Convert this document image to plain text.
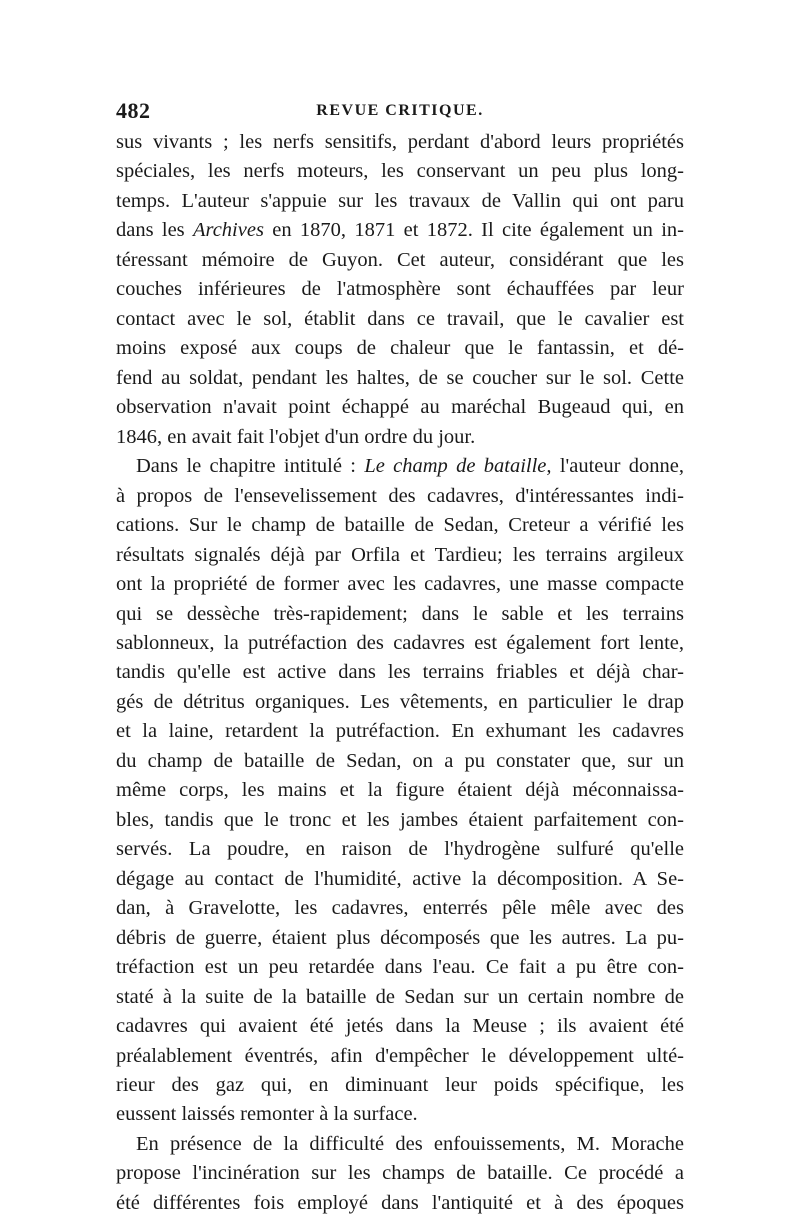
482	REVUE CRITIQUE.
sus vivants ; les nerfs sensitifs, perdant d'abord leurs propriétés
spéciales, les nerfs moteurs, les conservant un peu plus long-
temps. L'auteur s'appuie sur les travaux de Vallin qui ont paru
dans les Archives en 1870, 1871 et 1872. Il cite également un in-
téressant mémoire de Guyon. Cet auteur, considérant que les
couches inférieures de l'atmosphère sont échauffées par leur
contact avec le sol, établit dans ce travail, que le cavalier est
moins exposé aux coups de chaleur que le fantassin, et dé-
fend au soldat, pendant les haltes, de se coucher sur le sol. Cette
observation n'avait point échappé au maréchal Bugeaud qui, en
1846, en avait fait l'objet d'un ordre du jour.
Dans le chapitre intitulé : Le champ de bataille, l'auteur donne,
à propos de l'ensevelissement des cadavres, d'intéressantes indi-
cations. Sur le champ de bataille de Sedan, Creteur a vérifié les
résultats signalés déjà par Orfila et Tardieu; les terrains argileux
ont la propriété de former avec les cadavres, une masse compacte
qui se dessèche très-rapidement; dans le sable et les terrains
sablonneux, la putréfaction des cadavres est également fort lente,
tandis qu'elle est active dans les terrains friables et déjà char-
gés de détritus organiques. Les vêtements, en particulier le drap
et la laine, retardent la putréfaction. En exhumant les cadavres
du champ de bataille de Sedan, on a pu constater que, sur un
même corps, les mains et la figure étaient déjà méconnaissa-
bles, tandis que le tronc et les jambes étaient parfaitement con-
servés. La poudre, en raison de l'hydrogène sulfuré qu'elle
dégage au contact de l'humidité, active la décomposition. A Se-
dan, à Gravelotte, les cadavres, enterrés pêle mêle avec des
débris de guerre, étaient plus décomposés que les autres. La pu-
tréfaction est un peu retardée dans l'eau. Ce fait a pu être con-
staté à la suite de la bataille de Sedan sur un certain nombre de
cadavres qui avaient été jetés dans la Meuse ; ils avaient été
préalablement éventrés, afin d'empêcher le développement ulté-
rieur des gaz qui, en diminuant leur poids spécifique, les
eussent laissés remonter à la surface.
En présence de la difficulté des enfouissements, M. Morache
propose l'incinération sur les champs de bataille. Ce procédé a
été différentes fois employé dans l'antiquité et à des époques
